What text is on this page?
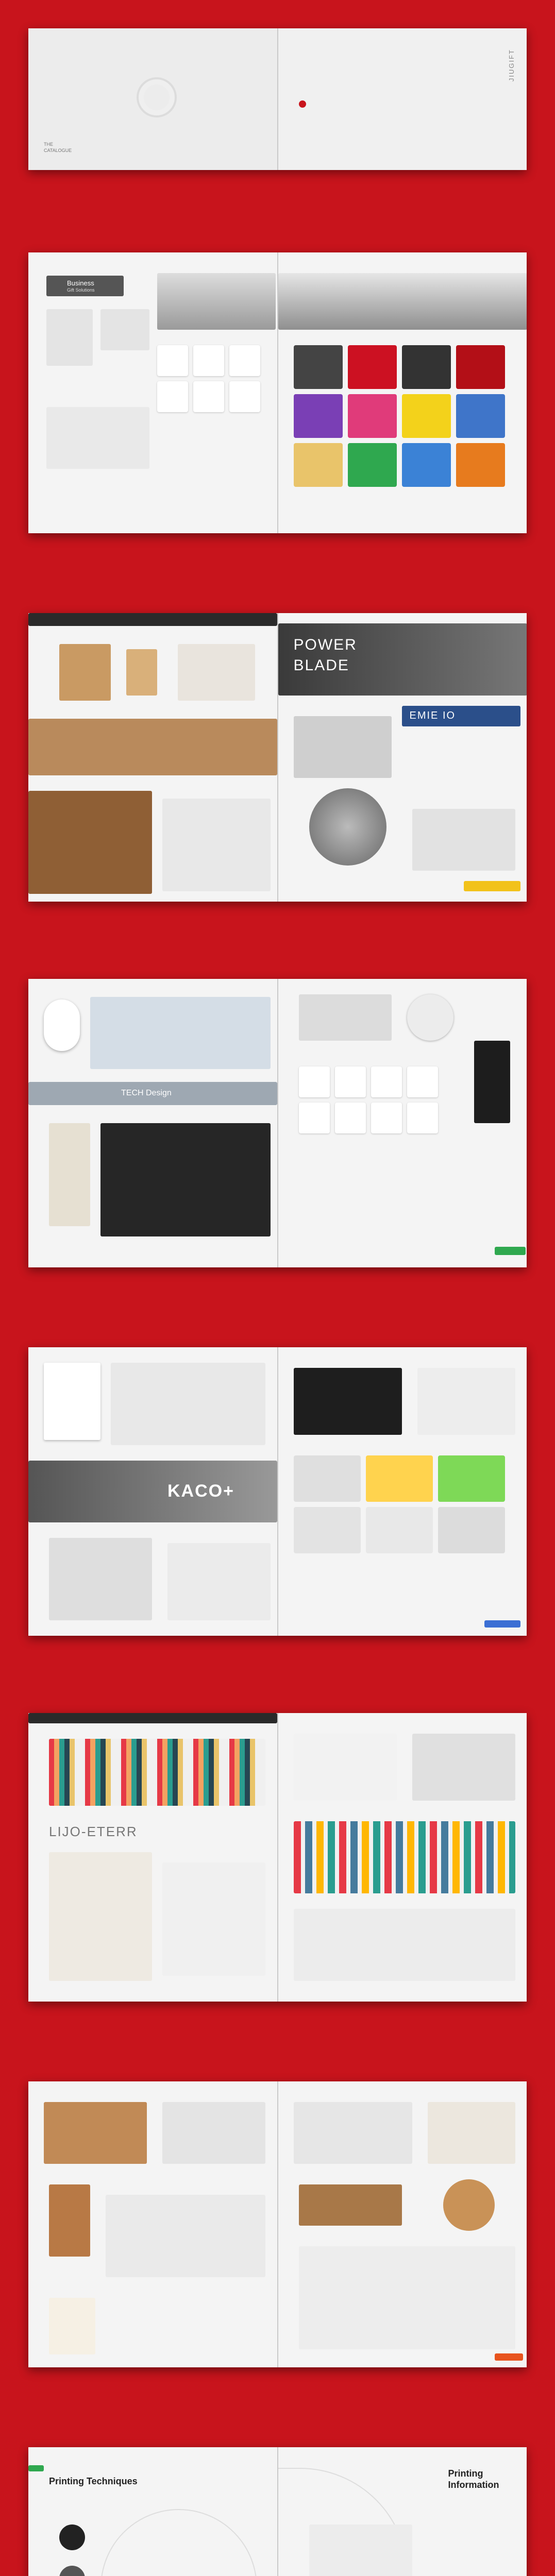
THE
CATALOGUE
JIUGIFT
Business
Gift Solutions
POWER
BLADE
EMIE IO
TECH Design
KACO+
LIJO-ETERR
Printing Techniques
Printing
Information
